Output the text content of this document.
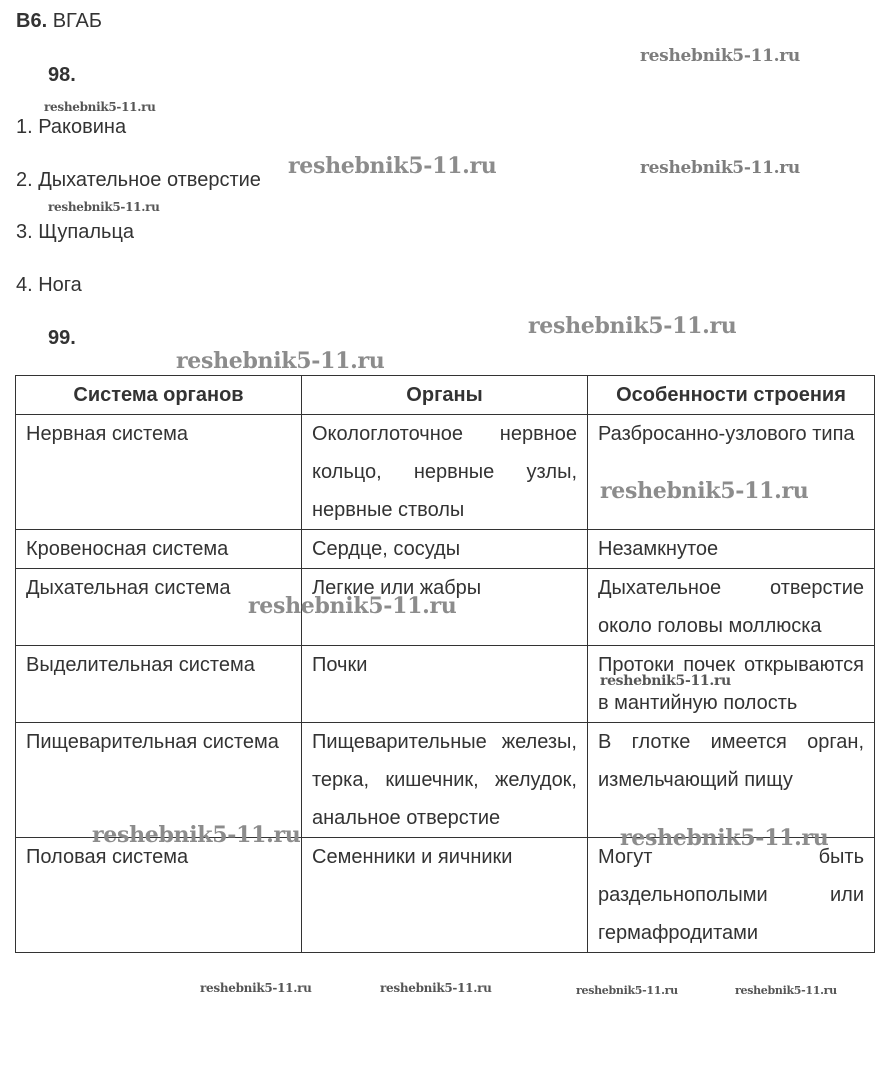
B6. ВГАБ
98.
1. Раковина
2. Дыхательное отверстие
3. Щупальца
4. Нога
99.
Система органов	Органы	Особенности строения
Нервная система	Окологлоточное нервное кольцо, нервные узлы, нервные стволы	Разбросанно-узлового типа
Кровеносная система	Сердце, сосуды	Незамкнутое
Дыхательная система	Легкие или жабры	Дыхательное отверстие около головы моллюска
Выделительная система	Почки	Протоки почек открываются в мантийную полость
Пищеварительная система	Пищеварительные железы, терка, кишечник, желудок, анальное отверстие	В глотке имеется орган, измельчающий пищу
Половая система	Семенники и яичники	Могут быть раздельнополыми или гермафродитами
reshebnik5-11.ru
reshebnik5-11.ru
reshebnik5-11.ru	reshebnik5-11.ru
reshebnik5-11.ru
reshebnik5-11.ru
reshebnik5-11.ru
reshebnik5-11.ru
reshebnik5-11.ru
reshebnik5-11.ru
reshebnik5-11.ru	reshebnik5-11.ru
reshebnik5-11.ru	reshebnik5-11.ru	reshebnik5-11.ru	reshebnik5-11.ru
